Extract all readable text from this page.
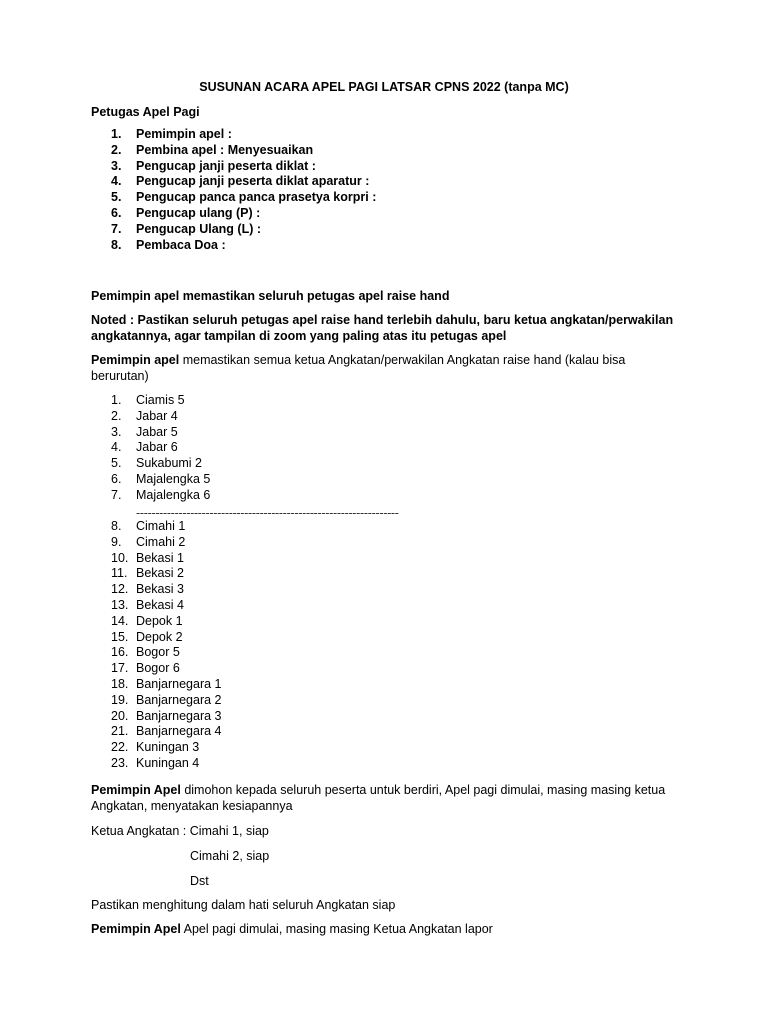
SUSUNAN ACARA APEL PAGI LATSAR CPNS 2022 (tanpa MC)
Petugas Apel Pagi
1. Pemimpin apel :
2. Pembina apel : Menyesuaikan
3. Pengucap janji peserta diklat :
4. Pengucap janji peserta diklat aparatur :
5. Pengucap panca panca prasetya korpri :
6. Pengucap ulang (P) :
7. Pengucap Ulang (L) :
8. Pembaca Doa :
Pemimpin apel memastikan seluruh petugas apel raise hand
Noted : Pastikan seluruh petugas apel raise hand terlebih dahulu, baru ketua angkatan/perwakilan angkatannya, agar tampilan di zoom yang paling atas itu petugas apel
Pemimpin apel memastikan semua ketua Angkatan/perwakilan Angkatan raise hand (kalau bisa berurutan)
1. Ciamis 5
2. Jabar 4
3. Jabar 5
4. Jabar 6
5. Sukabumi 2
6. Majalengka 5
7. Majalengka 6
--------------------------------------------------------------------
8. Cimahi 1
9. Cimahi 2
10. Bekasi 1
11. Bekasi 2
12. Bekasi 3
13. Bekasi 4
14. Depok 1
15. Depok 2
16. Bogor 5
17. Bogor 6
18. Banjarnegara 1
19. Banjarnegara 2
20. Banjarnegara 3
21. Banjarnegara 4
22. Kuningan 3
23. Kuningan 4
Pemimpin Apel dimohon kepada seluruh peserta untuk berdiri, Apel pagi dimulai, masing masing ketua Angkatan, menyatakan kesiapannya
Ketua Angkatan : Cimahi 1, siap
Cimahi 2, siap
Dst
Pastikan menghitung dalam hati seluruh Angkatan siap
Pemimpin Apel Apel pagi dimulai, masing masing Ketua Angkatan lapor
